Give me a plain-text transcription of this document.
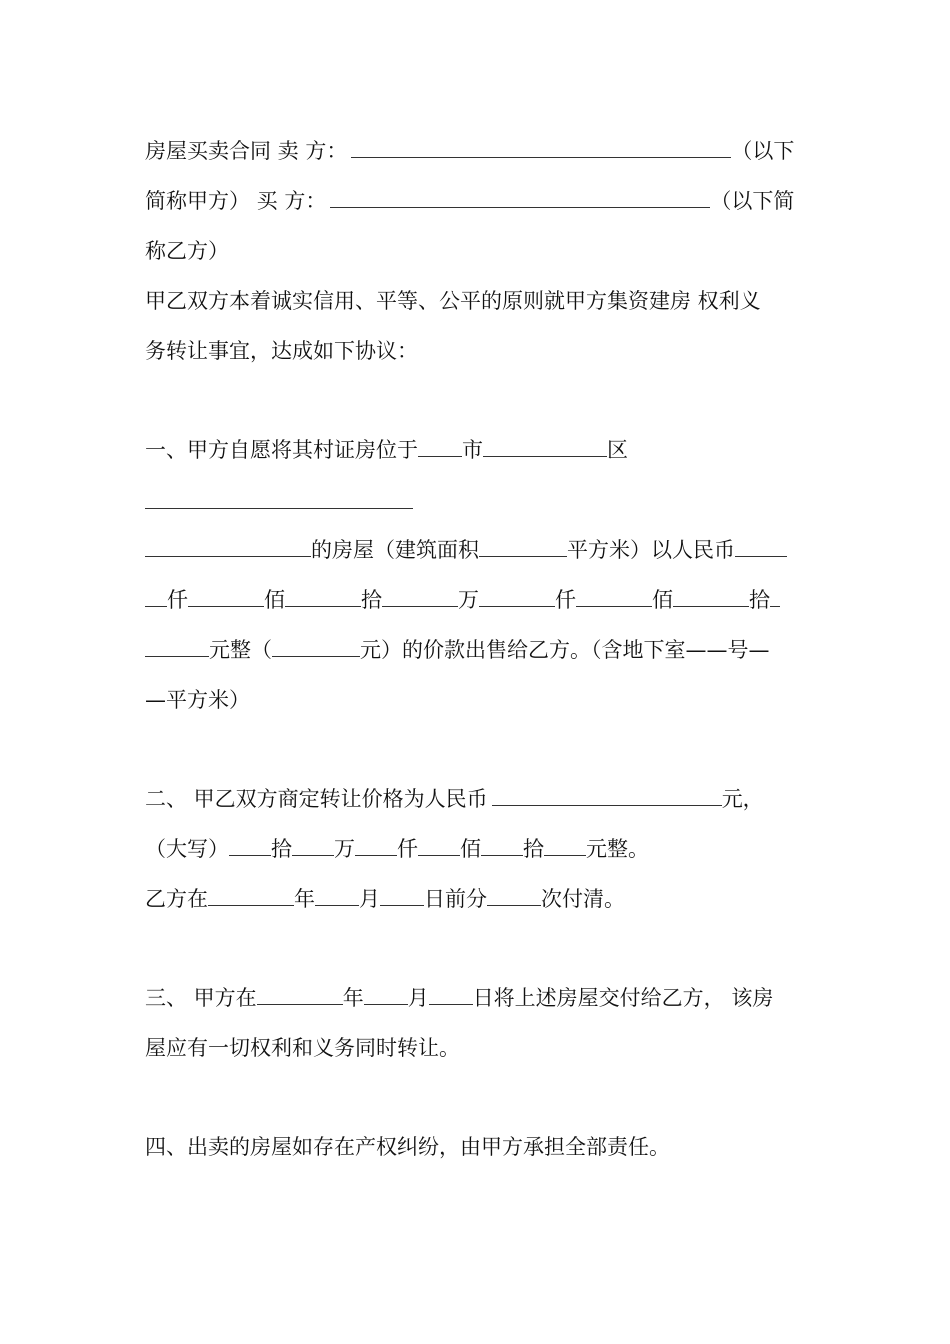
房屋买卖合同 卖 方：	（以下
简称甲方） 买 方：	（以下简
称乙方）
甲乙双方本着诚实信用、平等、公平的原则就甲方集资建房 权利义
务转让事宜，达成如下协议：
一、甲方自愿将其村证房位于 市	区
的房屋（建筑面积	平方米）以人民币
仟	佰	拾	万	仟	佰	拾
元整（	元）的价款出售给乙方。（含地下室——号—
—平方米）
二、 甲乙双方商定转让价格为人民币	元，
（大写） 拾 万 仟 佰 拾 元整。
乙方在	年 月 日前分	次付清。
三、 甲方在	年 月 日将上述房屋交付给乙方， 该房
屋应有一切权利和义务同时转让。
四、出卖的房屋如存在产权纠纷，由甲方承担全部责任。
